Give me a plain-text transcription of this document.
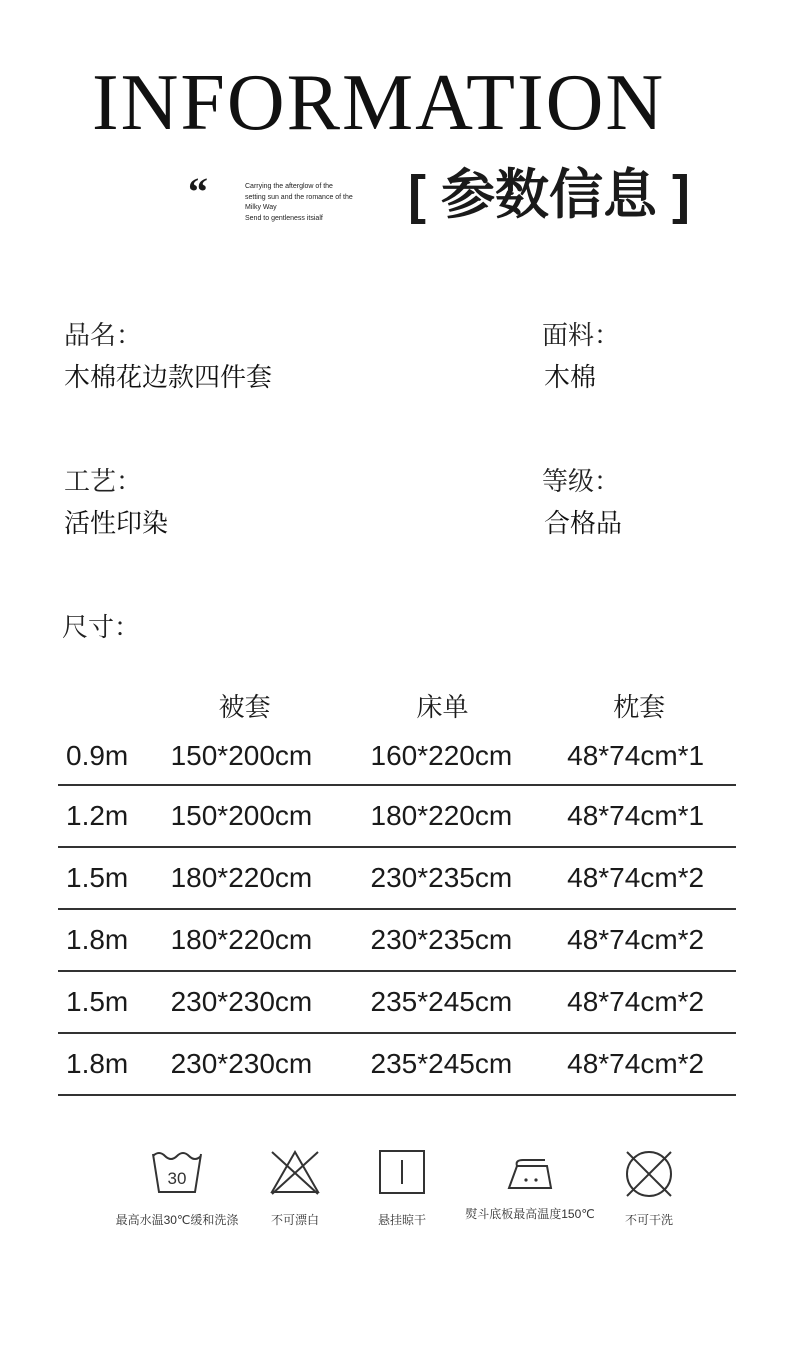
INFORMATION
“	Carrying the afterglow of the
setting sun and the romance of the
Milky Way
Send to gentleness itsialf	[ 参数信息 ]
品名：
木棉花边款四件套
面料：
木棉
工艺：
活性印染
等级：
合格品
尺寸：
	被套	床单	枕套
0.9m	150*200cm	160*220cm	48*74cm*1
1.2m	150*200cm	180*220cm	48*74cm*1
1.5m	180*220cm	230*235cm	48*74cm*2
1.8m	180*220cm	230*235cm	48*74cm*2
1.5m	230*230cm	235*245cm	48*74cm*2
1.8m	230*230cm	235*245cm	48*74cm*2
30
最高水温30℃缓和洗涤	不可漂白	悬挂晾干	熨斗底板最高温度150℃	不可干洗
